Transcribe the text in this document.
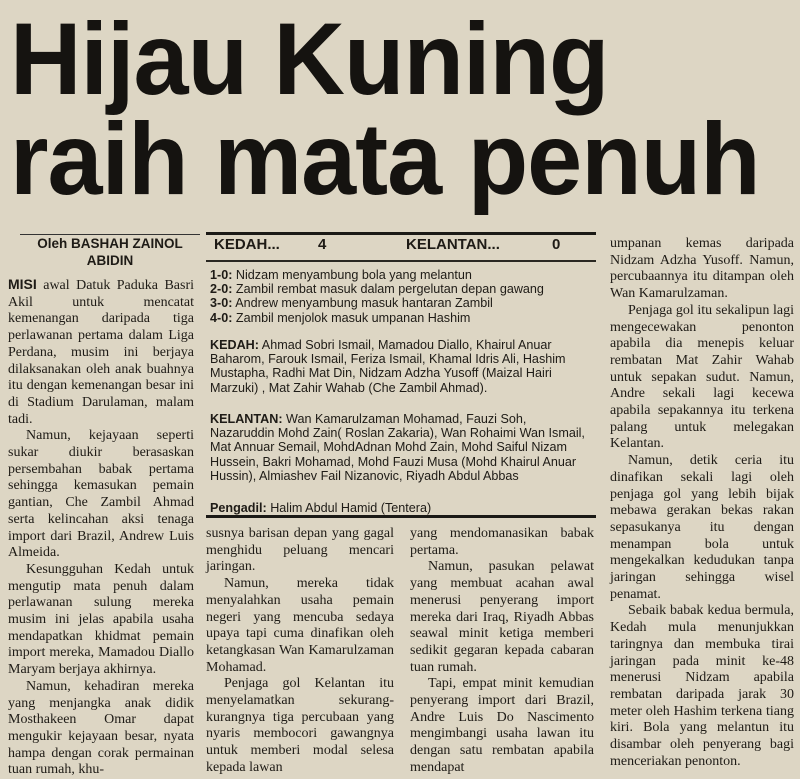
Hijau Kuning
raih mata penuh
Oleh BASHAH ZAINOL
ABIDIN

MISI awal Datuk Paduka Basri Akil untuk mencatat kemenangan daripada tiga perlawanan pertama dalam Liga Perdana, musim ini berjaya dilaksanakan oleh anak buahnya itu dengan kemenangan besar ini di Stadium Darulaman, malam tadi.

Namun, kejayaan seperti sukar diukir berasaskan persembahan babak pertama sehingga kemasukan pemain gantian, Che Zambil Ahmad serta kelincahan aksi tenaga import dari Brazil, Andrew Luis Almeida.

Kesungguhan Kedah untuk mengutip mata penuh dalam perlawanan sulung mereka musim ini jelas apabila usaha mendapatkan khidmat pemain import mereka, Mamadou Diallo Maryam berjaya akhirnya.

Namun, kehadiran mereka yang menjangka anak didik Mosthakeen Omar dapat mengukir kejayaan besar, nyata hampa dengan corak permainan tuan rumah, khu-

KEDAH...	4	KELANTAN...	0
1-0: Nidzam menyambung bola yang melantun
2-0: Zambil rembat masuk dalam pergelutan depan gawang
3-0: Andrew menyambung masuk hantaran Zambil
4-0: Zambil menjolok masuk umpanan Hashim
KEDAH: Ahmad Sobri Ismail, Mamadou Diallo, Khairul Anuar Baharom, Farouk Ismail, Feriza Ismail, Khamal Idris Ali, Hashim Mustapha, Radhi Mat Din, Nidzam Adzha Yusoff (Maizal Hairi Marzuki) , Mat Zahir Wahab (Che Zambil Ahmad).
KELANTAN: Wan Kamarulzaman Mohamad, Fauzi Soh, Nazaruddin Mohd Zain( Roslan Zakaria), Wan Rohaimi Wan Ismail, Mat Annuar Semail, MohdAdnan Mohd Zain, Mohd Saiful Nizam Hussein, Bakri Mohamad, Mohd Fauzi Musa (Mohd Khairul Anuar Hussin), Almiashev Fail Nizanovic, Riyadh Abdul Abbas
Pengadil: Halim Abdul Hamid (Tentera)

susnya barisan depan yang gagal menghidu peluang mencari jaringan.

Namun, mereka tidak menyalahkan usaha pemain negeri yang mencuba sedaya upaya tapi cuma dinafikan oleh ketangkasan Wan Kamarulzaman Mohamad.

Penjaga gol Kelantan itu menyelamatkan sekurang-kurangnya tiga percubaan yang nyaris membocori gawangnya untuk memberi modal selesa kepada lawan

yang mendomanasikan babak pertama.

Namun, pasukan pelawat yang membuat acahan awal menerusi penyerang import mereka dari Iraq, Riyadh Abbas seawal minit ketiga memberi sedikit gegaran kepada cabaran tuan rumah.

Tapi, empat minit kemudian penyerang import dari Brazil, Andre Luis Do Nascimento mengimbangi usaha lawan itu dengan satu rembatan apabila mendapat

umpanan kemas daripada Nidzam Adzha Yusoff. Namun, percubaannya itu ditampan oleh Wan Kamarulzaman.

Penjaga gol itu sekalipun lagi mengecewakan penonton apabila dia menepis keluar rembatan Mat Zahir Wahab untuk sepakan sudut. Namun, Andre sekali lagi kecewa apabila sepakannya itu terkena palang untuk melegakan Kelantan.

Namun, detik ceria itu dinafikan sekali lagi oleh penjaga gol yang lebih bijak mebawa gerakan bekas rakan sepasukanya itu dengan menampan bola untuk mengekalkan kedudukan tanpa jaringan sehingga wisel penamat.

Sebaik babak kedua bermula, Kedah mula menunjukkan taringnya dan membuka tirai jaringan pada minit ke-48 menerusi Nidzam apabila rembatan daripada jarak 30 meter oleh Hashim terkena tiang kiri. Bola yang melantun itu disambar oleh penyerang bagi menceriakan penonton.
